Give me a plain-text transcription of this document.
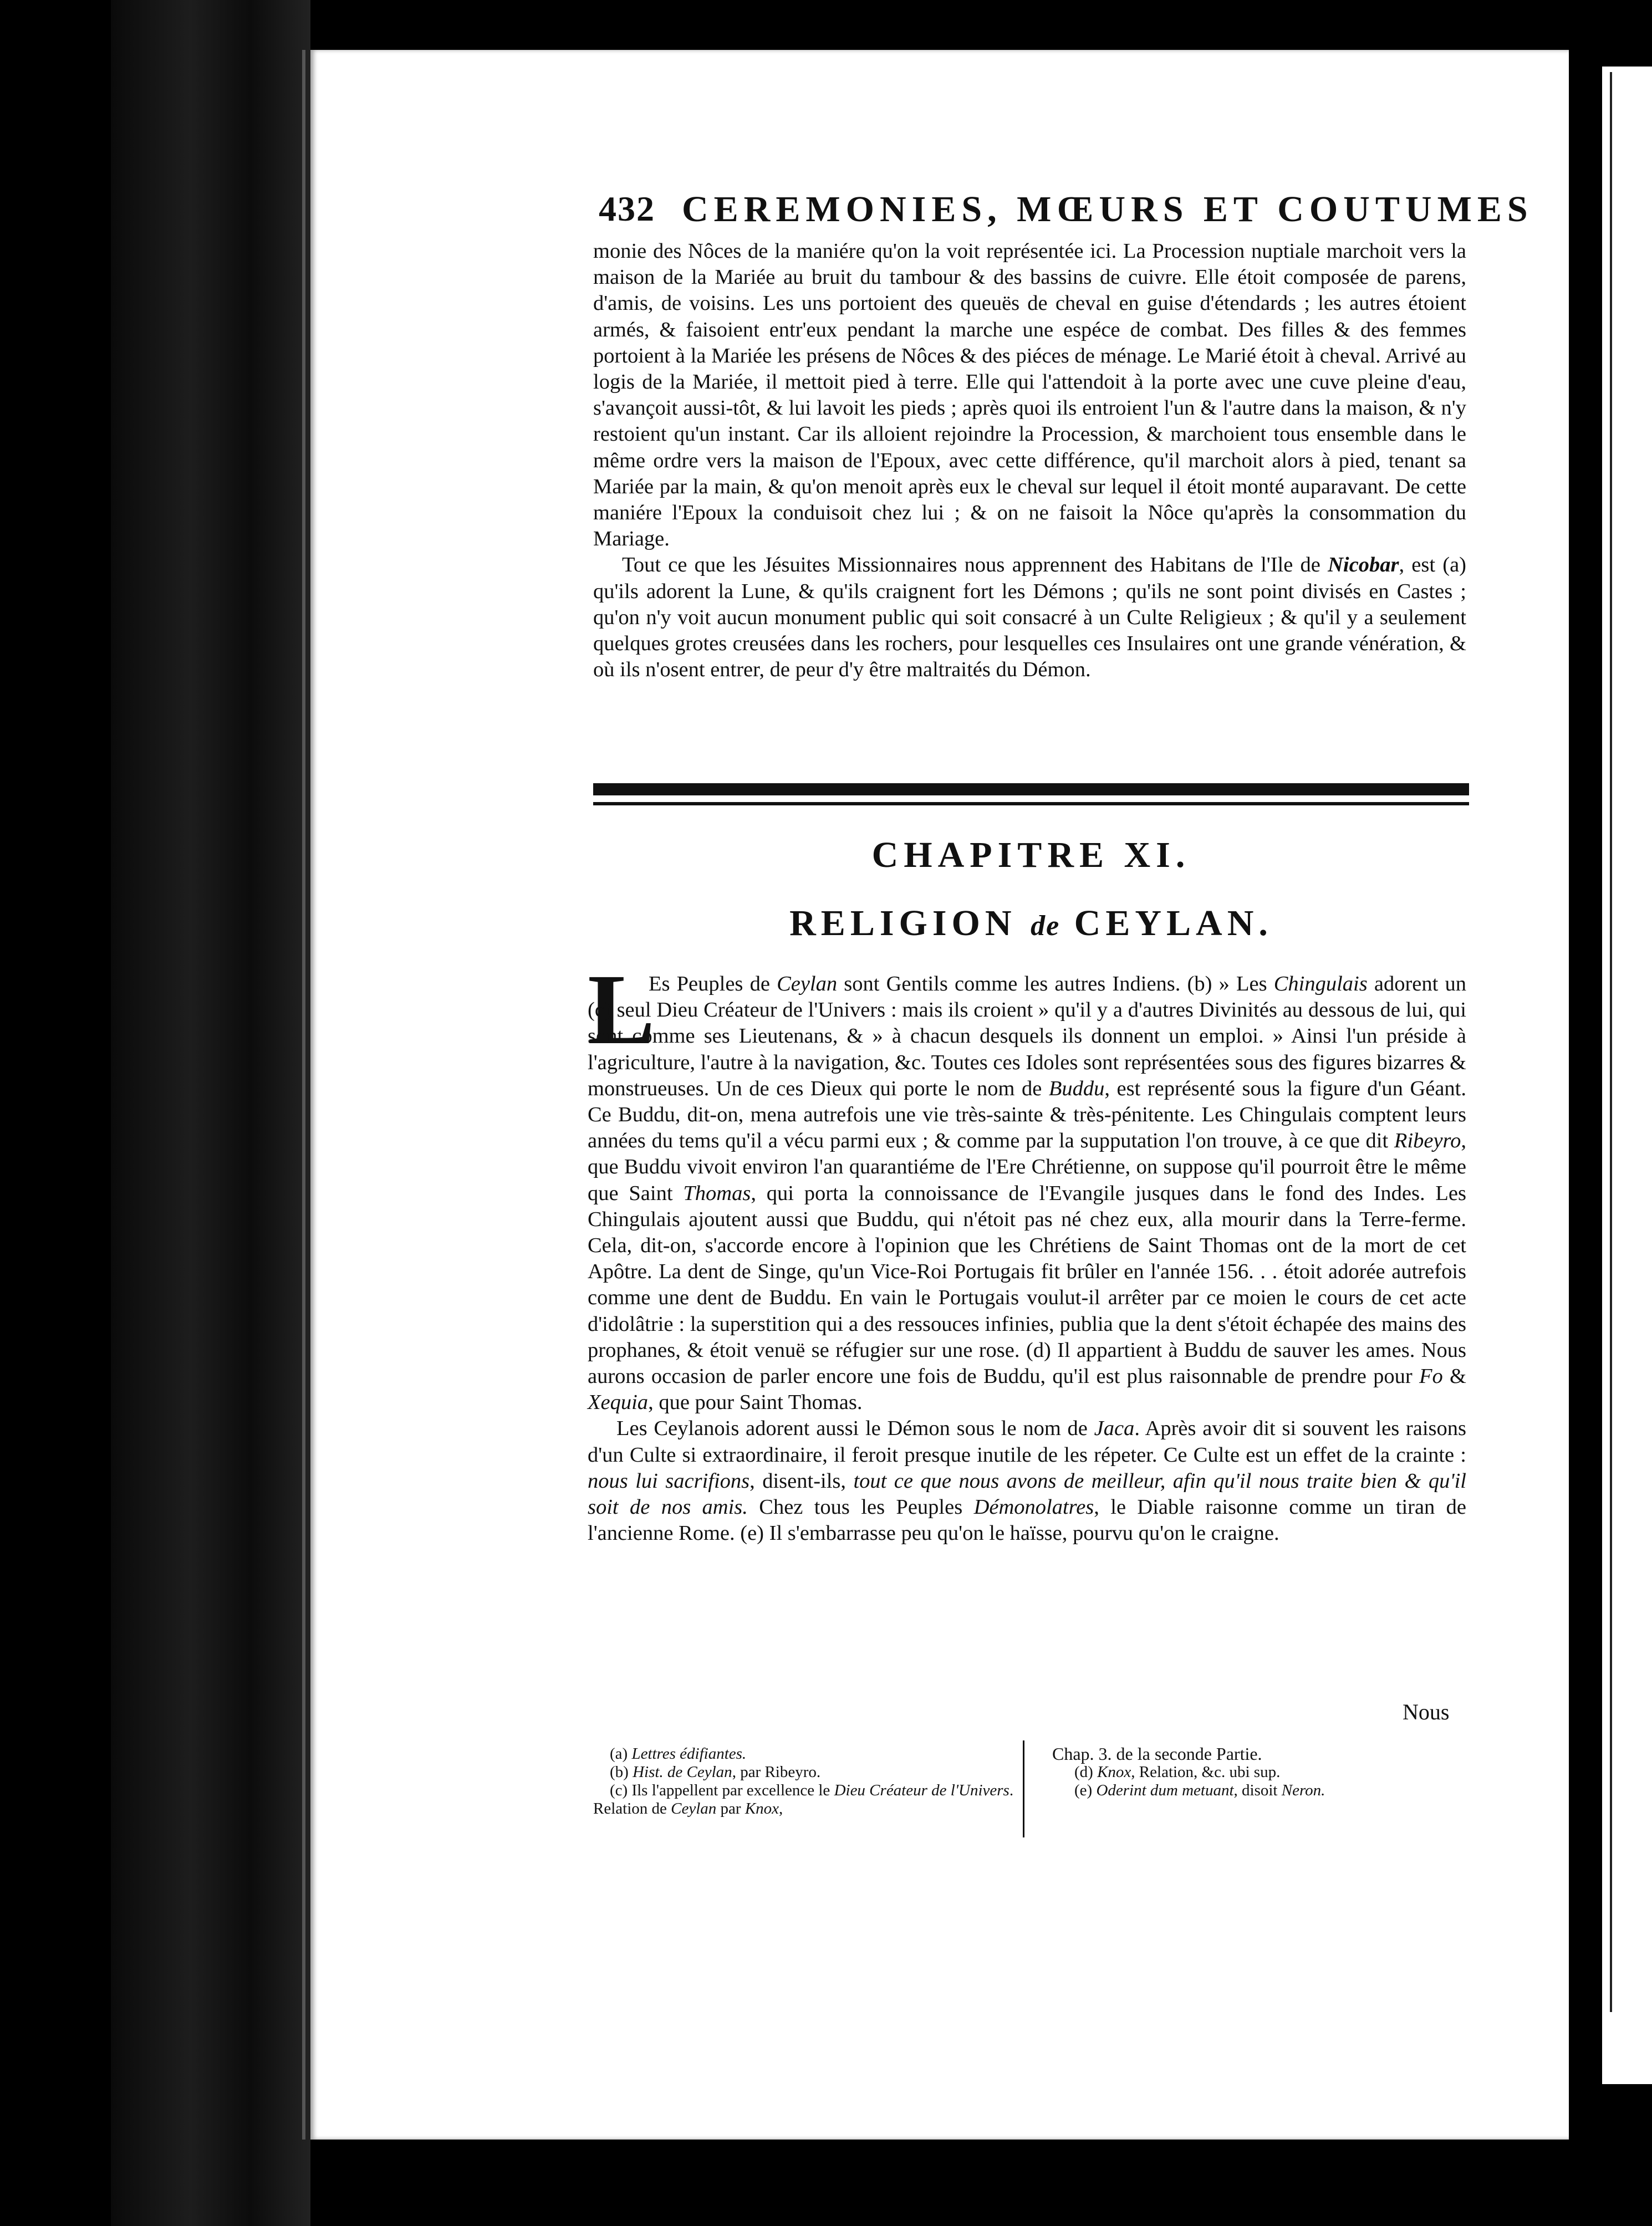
432 CEREMONIES, MŒURS ET COUTUMES

monie des Nôces de la maniére qu'on la voit représentée ici. La Procession nuptiale marchoit vers la maison de la Mariée au bruit du tambour & des bassins de cuivre. Elle étoit composée de parens, d'amis, de voisins. Les uns portoient des queuës de cheval en guise d'étendards ; les autres étoient armés, & faisoient entr'eux pendant la marche une espéce de combat. Des filles & des femmes portoient à la Mariée les présens de Nôces & des piéces de ménage. Le Marié étoit à cheval. Arrivé au logis de la Mariée, il mettoit pied à terre. Elle qui l'attendoit à la porte avec une cuve pleine d'eau, s'avançoit aussi-tôt, & lui lavoit les pieds ; après quoi ils entroient l'un & l'autre dans la maison, & n'y restoient qu'un instant. Car ils alloient rejoindre la Procession, & marchoient tous ensemble dans le même ordre vers la maison de l'Epoux, avec cette différence, qu'il marchoit alors à pied, tenant sa Mariée par la main, & qu'on menoit après eux le cheval sur lequel il étoit monté auparavant. De cette maniére l'Epoux la conduisoit chez lui ; & on ne faisoit la Nôce qu'après la consommation du Mariage.

Tout ce que les Jésuites Missionnaires nous apprennent des Habitans de l'Ile de Nicobar, est (a) qu'ils adorent la Lune, & qu'ils craignent fort les Démons ; qu'ils ne sont point divisés en Castes ; qu'on n'y voit aucun monument public qui soit consacré à un Culte Religieux ; & qu'il y a seulement quelques grotes creusées dans les rochers, pour lesquelles ces Insulaires ont une grande vénération, & où ils n'osent entrer, de peur d'y être maltraités du Démon.

CHAPITRE XI.
RELIGION de CEYLAN.
L

Es Peuples de Ceylan sont Gentils comme les autres Indiens. (b) » Les Chingulais adorent un (c) seul Dieu Créateur de l'Univers : mais ils croient » qu'il y a d'autres Divinités au dessous de lui, qui sont comme ses Lieutenans, & » à chacun desquels ils donnent un emploi. » Ainsi l'un préside à l'agriculture, l'autre à la navigation, &c. Toutes ces Idoles sont représentées sous des figures bizarres & monstrueuses. Un de ces Dieux qui porte le nom de Buddu, est représenté sous la figure d'un Géant. Ce Buddu, dit-on, mena autrefois une vie très-sainte & très-pénitente. Les Chingulais comptent leurs années du tems qu'il a vécu parmi eux ; & comme par la supputation l'on trouve, à ce que dit Ribeyro, que Buddu vivoit environ l'an quarantiéme de l'Ere Chrétienne, on suppose qu'il pourroit être le même que Saint Thomas, qui porta la connoissance de l'Evangile jusques dans le fond des Indes. Les Chingulais ajoutent aussi que Buddu, qui n'étoit pas né chez eux, alla mourir dans la Terre-ferme. Cela, dit-on, s'accorde encore à l'opinion que les Chrétiens de Saint Thomas ont de la mort de cet Apôtre. La dent de Singe, qu'un Vice-Roi Portugais fit brûler en l'année 156. . . étoit adorée autrefois comme une dent de Buddu. En vain le Portugais voulut-il arrêter par ce moien le cours de cet acte d'idolâtrie : la superstition qui a des ressouces infinies, publia que la dent s'étoit échapée des mains des prophanes, & étoit venuë se réfugier sur une rose. (d) Il appartient à Buddu de sauver les ames. Nous aurons occasion de parler encore une fois de Buddu, qu'il est plus raisonnable de prendre pour Fo & Xequia, que pour Saint Thomas.

Les Ceylanois adorent aussi le Démon sous le nom de Jaca. Après avoir dit si souvent les raisons d'un Culte si extraordinaire, il feroit presque inutile de les répeter. Ce Culte est un effet de la crainte : nous lui sacrifions, disent-ils, tout ce que nous avons de meilleur, afin qu'il nous traite bien & qu'il soit de nos amis. Chez tous les Peuples Démonolatres, le Diable raisonne comme un tiran de l'ancienne Rome. (e) Il s'embarrasse peu qu'on le haïsse, pourvu qu'on le craigne.

Nous

(a) Lettres édifiantes.

(b) Hist. de Ceylan, par Ribeyro.

(c) Ils l'appellent par excellence le Dieu Créateur de l'Univers. Relation de Ceylan par Knox,

Chap. 3. de la seconde Partie.

(d) Knox, Relation, &c. ubi sup.

(e) Oderint dum metuant, disoit Neron.
